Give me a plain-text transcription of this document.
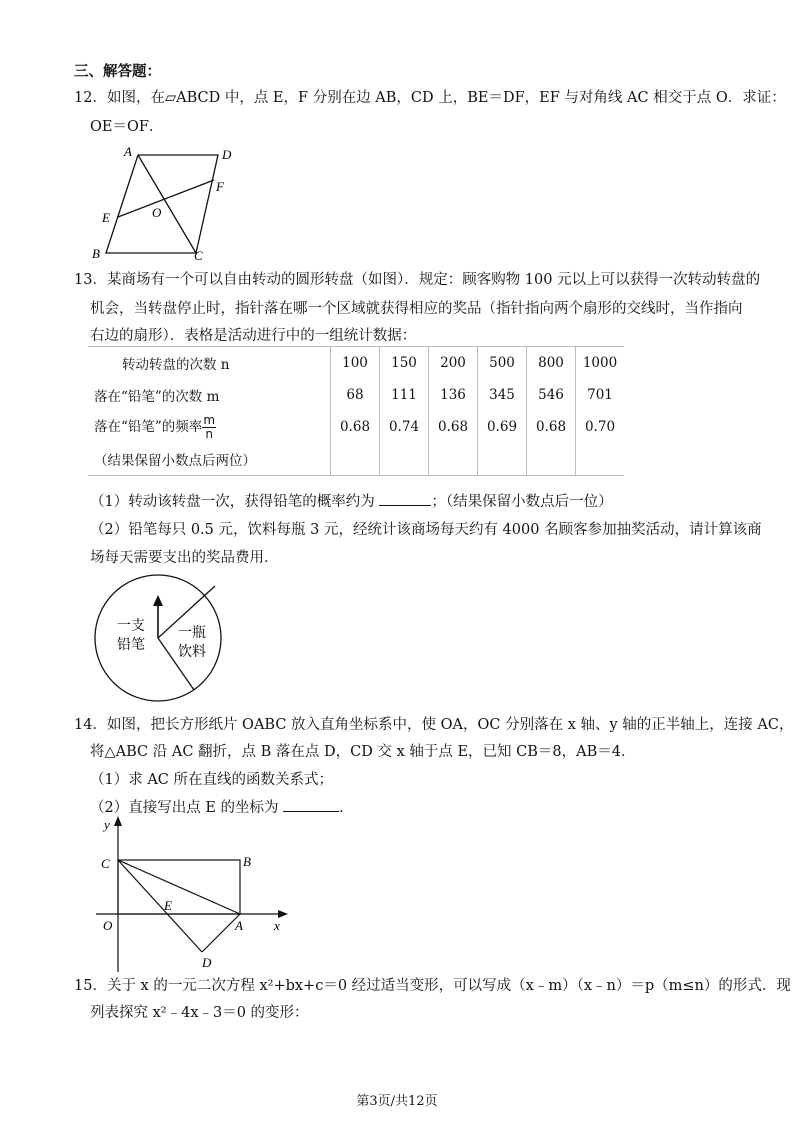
三、解答题：
12．如图，在▱ABCD 中，点 E，F 分别在边 AB，CD 上，BE＝DF，EF 与对角线 AC 相交于点 O．求证：
OE＝OF．
A	D
F
E	O
B	C
13．某商场有一个可以自由转动的圆形转盘（如图）．规定：顾客购物 100 元以上可以获得一次转动转盘的
机会，当转盘停止时，指针落在哪一个区域就获得相应的奖品（指针指向两个扇形的交线时，当作指向
右边的扇形）．表格是活动进行中的一组统计数据：
转动转盘的次数 n	100	150	200	500	800	1000
落在“铅笔”的次数 m	68	111	136	345	546	701
落在“铅笔”的频率 $\frac{m}{n}$	0.68	0.74	0.68	0.69	0.68	0.70
（结果保留小数点后两位）						
（1）转动该转盘一次，获得铅笔的概率约为	；（结果保留小数点后一位）
（2）铅笔每只 0.5 元，饮料每瓶 3 元，经统计该商场每天约有 4000 名顾客参加抽奖活动，请计算该商
场每天需要支出的奖品费用．
一支
铅笔
一瓶
饮料
14．如图，把长方形纸片 OABC 放入直角坐标系中，使 OA，OC 分别落在 x 轴、y 轴的正半轴上，连接 AC，
将△ABC 沿 AC 翻折，点 B 落在点 D，CD 交 x 轴于点 E，已知 CB＝8，AB＝4．
（1）求 AC 所在直线的函数关系式；
（2）直接写出点 E 的坐标为	．
y
x
C	B
E
O	A
D
15．关于 x 的一元二次方程 x²+bx+c＝0 经过适当变形，可以写成（x﹣m）（x﹣n）＝p（m≤n）的形式．现
列表探究 x²﹣4x﹣3＝0 的变形：
第3页/共12页
